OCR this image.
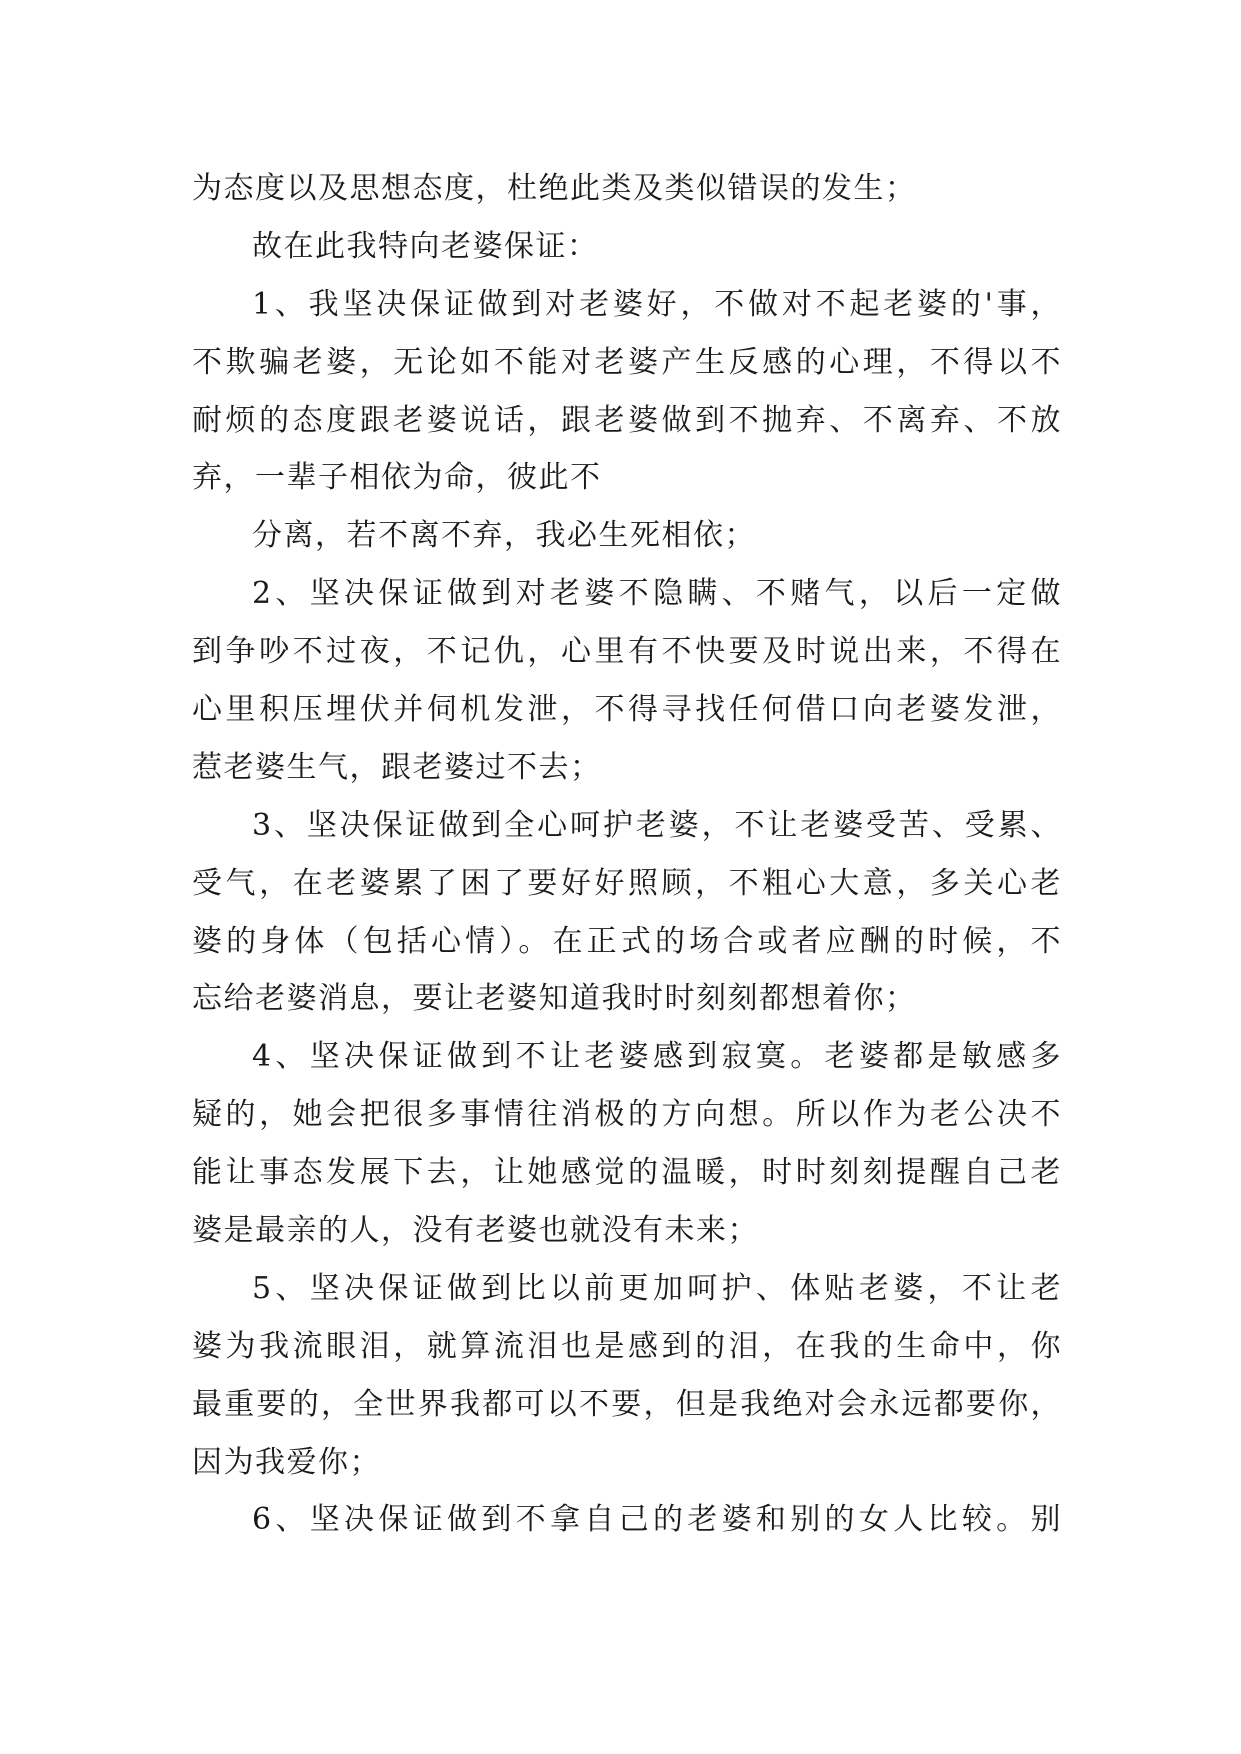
为态度以及思想态度，杜绝此类及类似错误的发生；
故在此我特向老婆保证：
1、我坚决保证做到对老婆好，不做对不起老婆的'事，
不欺骗老婆，无论如不能对老婆产生反感的心理，不得以不
耐烦的态度跟老婆说话，跟老婆做到不抛弃、不离弃、不放
弃，一辈子相依为命，彼此不
分离，若不离不弃，我必生死相依；
2、坚决保证做到对老婆不隐瞒、不赌气，以后一定做
到争吵不过夜，不记仇，心里有不快要及时说出来，不得在
心里积压埋伏并伺机发泄，不得寻找任何借口向老婆发泄，
惹老婆生气，跟老婆过不去；
3、坚决保证做到全心呵护老婆，不让老婆受苦、受累、
受气，在老婆累了困了要好好照顾，不粗心大意，多关心老
婆的身体（包括心情）。在正式的场合或者应酬的时候，不
忘给老婆消息，要让老婆知道我时时刻刻都想着你；
4、坚决保证做到不让老婆感到寂寞。老婆都是敏感多
疑的，她会把很多事情往消极的方向想。所以作为老公决不
能让事态发展下去，让她感觉的温暖，时时刻刻提醒自己老
婆是最亲的人，没有老婆也就没有未来；
5、坚决保证做到比以前更加呵护、体贴老婆，不让老
婆为我流眼泪，就算流泪也是感到的泪，在我的生命中，你
最重要的，全世界我都可以不要，但是我绝对会永远都要你，
因为我爱你；
6、坚决保证做到不拿自己的老婆和别的女人比较。别
